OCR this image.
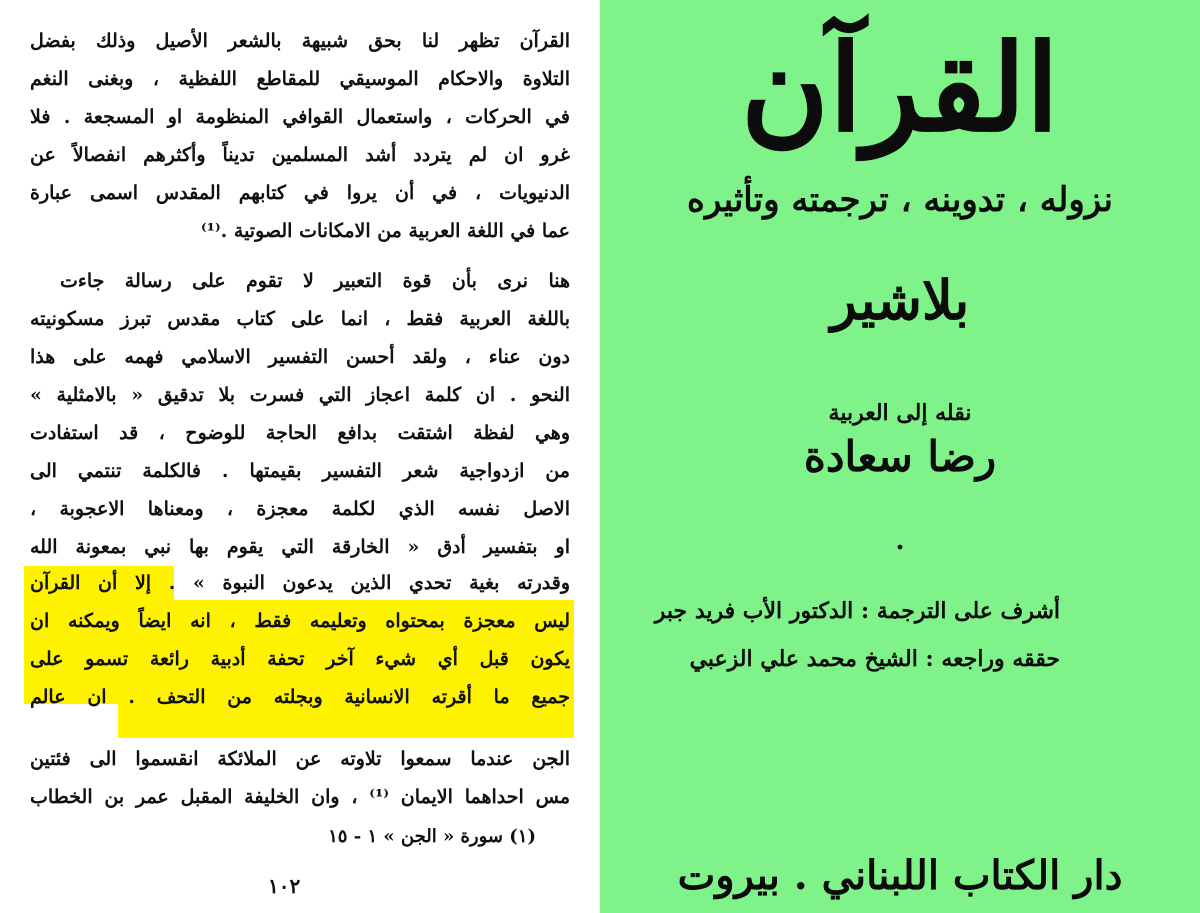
القرآن تظهر لنا بحق شبيهة بالشعر الأصيل وذلك بفضل
التلاوة والاحكام الموسيقي للمقاطع اللفظية ، وبغنى النغم
في الحركات ، واستعمال القوافي المنظومة او المسجعة . فلا
غرو ان لم يتردد أشد المسلمين تديناً وأكثرهم انفصالاً عن
الدنيويات ، في أن يروا في كتابهم المقدس اسمى عبارة
عما في اللغة العربية من الامكانات الصوتية .⁽¹⁾
هنا نرى بأن قوة التعبير لا تقوم على رسالة جاءت
باللغة العربية فقط ، انما على كتاب مقدس تبرز مسكونيته
دون عناء ، ولقد أحسن التفسير الاسلامي فهمه على هذا
النحو . ان كلمة اعجاز التي فسرت بلا تدقيق « بالامثلية »
وهي لفظة اشتقت بدافع الحاجة للوضوح ، قد استفادت
من ازدواجية شعر التفسير بقيمتها . فالكلمة تنتمي الى
الاصل نفسه الذي لكلمة معجزة ، ومعناها الاعجوبة ،
او بتفسير أدق « الخارقة التي يقوم بها نبي بمعونة الله
وقدرته بغية تحدي الذين يدعون النبوة » . إلا أن القرآن
ليس معجزة بمحتواه وتعليمه فقط ، انه ايضاً ويمكنه ان
يكون قبل أي شيء آخر تحفة أدبية رائعة تسمو على
جميع ما أقرته الانسانية وبجلته من التحف . ان عالم
الجن عندما سمعوا تلاوته عن الملائكة انقسموا الى فئتين
مس احداهما الايمان ⁽¹⁾ ، وان الخليفة المقبل عمر بن الخطاب
(١) سورة « الجن » ١ - ١٥
١٠٢
القرآن
نزوله ، تدوينه ، ترجمته وتأثيره
بلاشير
نقله إلى العربية
رضا سعادة
.
أشرف على الترجمة : الدكتور الأب فريد جبر
حققه وراجعه : الشيخ محمد علي الزعبي
دار الكتاب اللبناني . بيروت
